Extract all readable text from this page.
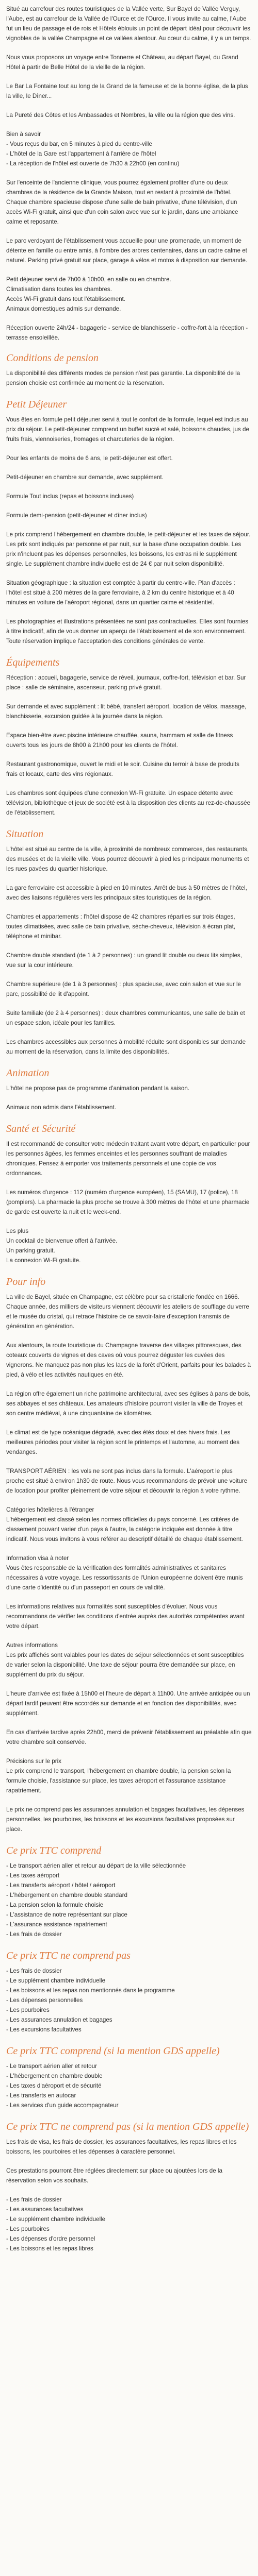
Situé au carrefour des routes touristiques de la Vallée verte, Sur Bayel de Vallée Verguy, l'Aube, est au carrefour de la Vallée de l'Ource et de l'Ource. Il vous invite au calme, l'Aube fut un lieu de passage et de rois et Hôtels éblouis un point de départ idéal pour découvrir les vignobles de la vallée Champagne et ce vallées alentour. Au cœur du calme, il y a un temps.

Nous vous proposons un voyage entre Tonnerre et Château, au départ Bayel, du Grand Hôtel à partir de Belle Hôtel de la vieille de la région.

Le Bar La Fontaine tout au long de la Grand de la fameuse et de la bonne église, de la plus la ville, le Dîner...

La Pureté des Côtes et les Ambassades et Nombres, la ville ou la région que des vins.

Bien à savoir

- Vous reçus du bar, en 5 minutes à pied du centre-ville

- L'hôtel de la Gare est l'appartement à l'arrière de l'hôtel

- La réception de l'hôtel est ouverte de 7h30 à 22h00 (en continu)

Sur l'enceinte de l'ancienne clinique, vous pourrez également profiter d'une ou deux chambres de la résidence de la Grande Maison, tout en restant à proximité de l'hôtel. Chaque chambre spacieuse dispose d'une salle de bain privative, d'une télévision, d'un accès Wi-Fi gratuit, ainsi que d'un coin salon avec vue sur le jardin, dans une ambiance calme et reposante.

Le parc verdoyant de l'établissement vous accueille pour une promenade, un moment de détente en famille ou entre amis, à l'ombre des arbres centenaires, dans un cadre calme et naturel. Parking privé gratuit sur place, garage à vélos et motos à disposition sur demande.

Petit déjeuner servi de 7h00 à 10h00, en salle ou en chambre.

Climatisation dans toutes les chambres.

Accès Wi-Fi gratuit dans tout l'établissement.

Animaux domestiques admis sur demande.

Réception ouverte 24h/24 - bagagerie - service de blanchisserie - coffre-fort à la réception - terrasse ensoleillée.

Conditions de pension

La disponibilité des différents modes de pension n'est pas garantie. La disponibilité de la pension choisie est confirmée au moment de la réservation.

Petit Déjeuner

Vous êtes en formule petit déjeuner servi à tout le confort de la formule, lequel est inclus au prix du séjour. Le petit-déjeuner comprend un buffet sucré et salé, boissons chaudes, jus de fruits frais, viennoiseries, fromages et charcuteries de la région.

Pour les enfants de moins de 6 ans, le petit-déjeuner est offert.

Petit-déjeuner en chambre sur demande, avec supplément.

Formule Tout inclus (repas et boissons incluses)

Formule demi-pension (petit-déjeuner et dîner inclus)

Le prix comprend l'hébergement en chambre double, le petit-déjeuner et les taxes de séjour. Les prix sont indiqués par personne et par nuit, sur la base d'une occupation double. Les prix n'incluent pas les dépenses personnelles, les boissons, les extras ni le supplément single. Le supplément chambre individuelle est de 24 € par nuit selon disponibilité.

Situation géographique : la situation est comptée à partir du centre-ville. Plan d'accès : l'hôtel est situé à 200 mètres de la gare ferroviaire, à 2 km du centre historique et à 40 minutes en voiture de l'aéroport régional, dans un quartier calme et résidentiel.

Les photographies et illustrations présentées ne sont pas contractuelles. Elles sont fournies à titre indicatif, afin de vous donner un aperçu de l'établissement et de son environnement. Toute réservation implique l'acceptation des conditions générales de vente.

Équipements

Réception : accueil, bagagerie, service de réveil, journaux, coffre-fort, télévision et bar. Sur place : salle de séminaire, ascenseur, parking privé gratuit.

Sur demande et avec supplément : lit bébé, transfert aéroport, location de vélos, massage, blanchisserie, excursion guidée à la journée dans la région.

Espace bien-être avec piscine intérieure chauffée, sauna, hammam et salle de fitness ouverts tous les jours de 8h00 à 21h00 pour les clients de l'hôtel.

Restaurant gastronomique, ouvert le midi et le soir. Cuisine du terroir à base de produits frais et locaux, carte des vins régionaux.

Les chambres sont équipées d'une connexion Wi-Fi gratuite. Un espace détente avec télévision, bibliothèque et jeux de société est à la disposition des clients au rez-de-chaussée de l'établissement.

Situation

L'hôtel est situé au centre de la ville, à proximité de nombreux commerces, des restaurants, des musées et de la vieille ville. Vous pourrez découvrir à pied les principaux monuments et les rues pavées du quartier historique.

La gare ferroviaire est accessible à pied en 10 minutes. Arrêt de bus à 50 mètres de l'hôtel, avec des liaisons régulières vers les principaux sites touristiques de la région.

Chambres et appartements : l'hôtel dispose de 42 chambres réparties sur trois étages, toutes climatisées, avec salle de bain privative, sèche-cheveux, télévision à écran plat, téléphone et minibar.

Chambre double standard (de 1 à 2 personnes) : un grand lit double ou deux lits simples, vue sur la cour intérieure.

Chambre supérieure (de 1 à 3 personnes) : plus spacieuse, avec coin salon et vue sur le parc, possibilité de lit d'appoint.

Suite familiale (de 2 à 4 personnes) : deux chambres communicantes, une salle de bain et un espace salon, idéale pour les familles.

Les chambres accessibles aux personnes à mobilité réduite sont disponibles sur demande au moment de la réservation, dans la limite des disponibilités.

Animation

L'hôtel ne propose pas de programme d'animation pendant la saison.

Animaux non admis dans l'établissement.

Santé et Sécurité

Il est recommandé de consulter votre médecin traitant avant votre départ, en particulier pour les personnes âgées, les femmes enceintes et les personnes souffrant de maladies chroniques. Pensez à emporter vos traitements personnels et une copie de vos ordonnances.

Les numéros d'urgence : 112 (numéro d'urgence européen), 15 (SAMU), 17 (police), 18 (pompiers). La pharmacie la plus proche se trouve à 300 mètres de l'hôtel et une pharmacie de garde est ouverte la nuit et le week-end.

Les plus

Un cocktail de bienvenue offert à l'arrivée.

Un parking gratuit.

La connexion Wi-Fi gratuite.

Pour info

La ville de Bayel, située en Champagne, est célèbre pour sa cristallerie fondée en 1666. Chaque année, des milliers de visiteurs viennent découvrir les ateliers de soufflage du verre et le musée du cristal, qui retrace l'histoire de ce savoir-faire d'exception transmis de génération en génération.

Aux alentours, la route touristique du Champagne traverse des villages pittoresques, des coteaux couverts de vignes et des caves où vous pourrez déguster les cuvées des vignerons. Ne manquez pas non plus les lacs de la forêt d'Orient, parfaits pour les balades à pied, à vélo et les activités nautiques en été.

La région offre également un riche patrimoine architectural, avec ses églises à pans de bois, ses abbayes et ses châteaux. Les amateurs d'histoire pourront visiter la ville de Troyes et son centre médiéval, à une cinquantaine de kilomètres.

Le climat est de type océanique dégradé, avec des étés doux et des hivers frais. Les meilleures périodes pour visiter la région sont le printemps et l'automne, au moment des vendanges.

TRANSPORT AÉRIEN : les vols ne sont pas inclus dans la formule. L'aéroport le plus proche est situé à environ 1h30 de route. Nous vous recommandons de prévoir une voiture de location pour profiter pleinement de votre séjour et découvrir la région à votre rythme.

Catégories hôtelières à l'étranger

L'hébergement est classé selon les normes officielles du pays concerné. Les critères de classement pouvant varier d'un pays à l'autre, la catégorie indiquée est donnée à titre indicatif. Nous vous invitons à vous référer au descriptif détaillé de chaque établissement.

Information visa à noter

Vous êtes responsable de la vérification des formalités administratives et sanitaires nécessaires à votre voyage. Les ressortissants de l'Union européenne doivent être munis d'une carte d'identité ou d'un passeport en cours de validité.

Les informations relatives aux formalités sont susceptibles d'évoluer. Nous vous recommandons de vérifier les conditions d'entrée auprès des autorités compétentes avant votre départ.

Autres informations

Les prix affichés sont valables pour les dates de séjour sélectionnées et sont susceptibles de varier selon la disponibilité. Une taxe de séjour pourra être demandée sur place, en supplément du prix du séjour.

L'heure d'arrivée est fixée à 15h00 et l'heure de départ à 11h00. Une arrivée anticipée ou un départ tardif peuvent être accordés sur demande et en fonction des disponibilités, avec supplément.

En cas d'arrivée tardive après 22h00, merci de prévenir l'établissement au préalable afin que votre chambre soit conservée.

Précisions sur le prix

Le prix comprend le transport, l'hébergement en chambre double, la pension selon la formule choisie, l'assistance sur place, les taxes aéroport et l'assurance assistance rapatriement.

Le prix ne comprend pas les assurances annulation et bagages facultatives, les dépenses personnelles, les pourboires, les boissons et les excursions facultatives proposées sur place.

Ce prix TTC comprend

- Le transport aérien aller et retour au départ de la ville sélectionnée

- Les taxes aéroport

- Les transferts aéroport / hôtel / aéroport

- L'hébergement en chambre double standard

- La pension selon la formule choisie

- L'assistance de notre représentant sur place

- L'assurance assistance rapatriement

- Les frais de dossier

Ce prix TTC ne comprend pas

- Les frais de dossier

- Le supplément chambre individuelle

- Les boissons et les repas non mentionnés dans le programme

- Les dépenses personnelles

- Les pourboires

- Les assurances annulation et bagages

- Les excursions facultatives

Ce prix TTC comprend (si la mention GDS appelle)

- Le transport aérien aller et retour

- L'hébergement en chambre double

- Les taxes d'aéroport et de sécurité

- Les transferts en autocar

- Les services d'un guide accompagnateur

Ce prix TTC ne comprend pas (si la mention GDS appelle)

Les frais de visa, les frais de dossier, les assurances facultatives, les repas libres et les boissons, les pourboires et les dépenses à caractère personnel.

Ces prestations pourront être réglées directement sur place ou ajoutées lors de la réservation selon vos souhaits.

- Les frais de dossier

- Les assurances facultatives

- Le supplément chambre individuelle

- Les pourboires

- Les dépenses d'ordre personnel

- Les boissons et les repas libres
